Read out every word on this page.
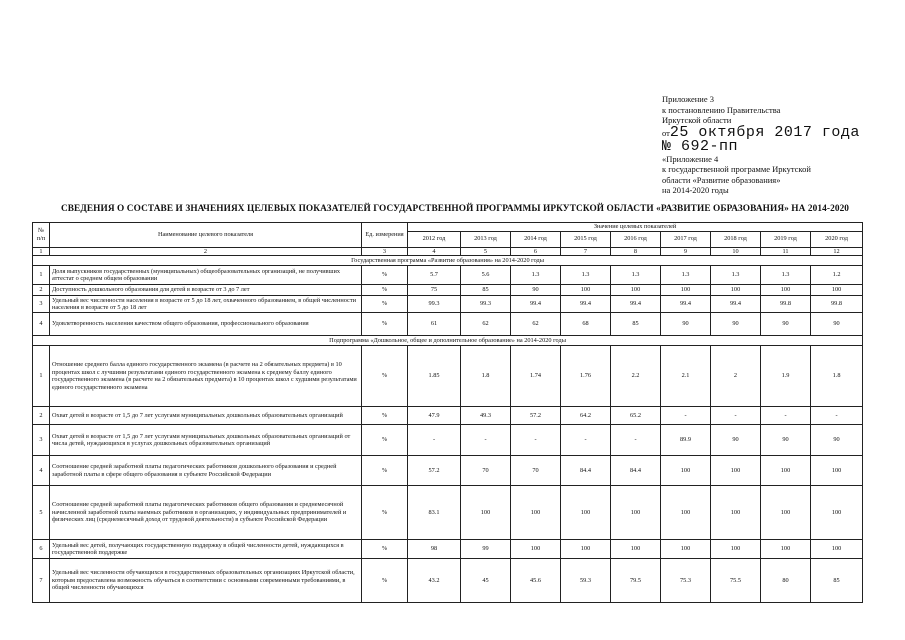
Приложение 3
к постановлению Правительства
Иркутской области
от25 октября 2017 года
№ 692-пп
«Приложение 4
к государственной программе Иркутской
области «Развитие образования»
на 2014-2020 годы
СВЕДЕНИЯ О СОСТАВЕ И ЗНАЧЕНИЯХ ЦЕЛЕВЫХ ПОКАЗАТЕЛЕЙ ГОСУДАРСТВЕННОЙ ПРОГРАММЫ ИРКУТСКОЙ ОБЛАСТИ «РАЗВИТИЕ ОБРАЗОВАНИЯ» НА 2014-2020
№ п/п	Наименование целевого показателя	Ед. измерения	Значение целевых показателей								
			2012 год	2013 год	2014 год	2015 год	2016 год	2017 год	2018 год	2019 год	2020 год
1	2	3	4	5	6	7	8	9	10	11	12
Государственная программа «Развитие образования» на 2014-2020 годы											
1	Доля выпускников государственных (муниципальных) общеобразовательных организаций, не получивших аттестат о среднем общем образовании	%	5.7	5.6	1.3	1.3	1.3	1.3	1.3	1.3	1.2
2	Доступность дошкольного образования для детей в возрасте от 3 до 7 лет	%	75	85	90	100	100	100	100	100	100
3	Удельный вес численности населения в возрасте от 5 до 18 лет, охваченного образованием, в общей численности населения в возрасте от 5 до 18 лет	%	99.3	99.3	99.4	99.4	99.4	99.4	99.4	99.8	99.8
4	Удовлетворенность населения качеством общего образования, профессионального образования	%	61	62	62	68	85	90	90	90	90
Подпрограмма «Дошкольное, общее и дополнительное образование» на 2014-2020 годы											
1	Отношение среднего балла единого государственного экзамена (в расчете на 2 обязательных предмета) в 10 процентах школ с лучшими результатами единого государственного экзамена к среднему баллу единого государственного экзамена (в расчете на 2 обязательных предмета) в 10 процентах школ с худшими результатами единого государственного экзамена	%	1.85	1.8	1.74	1.76	2.2	2.1	2	1.9	1.8
2	Охват детей в возрасте от 1,5 до 7 лет услугами муниципальных дошкольных образовательных организаций	%	47.9	49.3	57.2	64.2	65.2	-	-	-	-
3	Охват детей в возрасте от 1,5 до 7 лет услугами муниципальных дошкольных образовательных организаций от числа детей, нуждающихся в услугах дошкольных образовательных организаций	%	-	-	-	-	-	89.9	90	90	90
4	Соотношение средней заработной платы педагогических работников дошкольного образования и средней заработной платы в сфере общего образования в субъекте Российской Федерации	%	57.2	70	70	84.4	84.4	100	100	100	100
5	Соотношение средней заработной платы педагогических работников общего образования и среднемесячной начисленной заработной платы наемных работников в организациях, у индивидуальных предпринимателей и физических лиц (среднемесячный доход от трудовой деятельности) в субъекте Российской Федерации	%	83.1	100	100	100	100	100	100	100	100
6	Удельный вес детей, получающих государственную поддержку в общей численности детей, нуждающихся в государственной поддержке	%	98	99	100	100	100	100	100	100	100
7	Удельный вес численности обучающихся в государственных образовательных организациях Иркутской области, которым предоставлена возможность обучаться в соответствии с основными современными требованиями, в общей численности обучающихся	%	43.2	45	45.6	59.3	79.5	75.3	75.5	80	85
